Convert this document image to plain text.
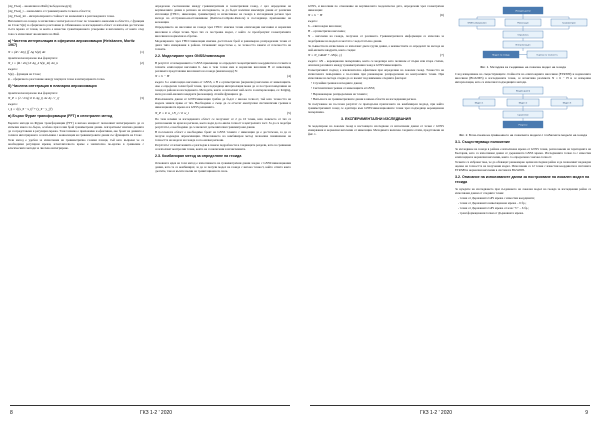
(Δg_FAA) – аномалия на Фай (свободен въздух);

(Δg_FAA)_i – аномалиите от гравиметровите точки в областта;

(Δg_FAA)_int – интерполираната стойност на аномалията в разглежданата точка.

Височината на геоида се изчислява с интеграла на Стокс по точковите аномалии в областта, с функция на Стокс S(ψ) за сферичното разстояние ψ. Обикновено за изследваната област се използва достатъчно гъста мрежа от точки, за които е известно гравитационното ускорение и височината, от които след това се изчисляват аномалиите на Фай.

а) Чистена интерполация в сферична апроксимация (Heiskanen, Moritz 1967)
N = (R / 4πγ) ∬ Δg S(ψ) dσ	(1)

практически изразено във формулата:

N_i = (R / 4πγ) Σ Δg_k S(ψ_ik) Δσ_k	(2)

където:

S(ψ) – функция на Стокс;

ψ – сферичното разстояние между текущата точка и интегрираната точка.

б) Числена интеграция в планарна апроксимация

практически изразено във формулата:

N_P = (1 / 2πγ) Σ Σ Δg_ij Δx Δy / r_ij	(3)

където:

r_ij = √((x_P − x_i)² + (y_P − y_j)²)

в) Бързи Фурие трансформации (FFT) в спектрален метод

Бързите методи на Фурие трансформации (FFT) в висока мощност позволяват интегрирането да се изпълни много по-бързо, особено при голям брой гравиметрови данни. Алгоритъмът изисква данните да са представени в регулярна мрежа. Тази техника е приложима и ефективна, ако броят на данните е голям и интегрирането се изпълнява с конволюция на гравиметровите данни със функцията на Стокс.

Този метод е удобен за изчисления на гравиметрично големи площи, тъй като въпреки че са необходими регулярни мрежи, изчислителното време е значително по-кратко в сравнение с класическите методи за числено интегриране.

определено съотношение между гравиметричния и геометричния геоид, с цел определяне на вертикалните данни в региона на изследването, за да бъдат налични максимум данни от различни източници (ГНСС, нивелация, гравиметрия) за изчисляване на геоида в изследвания регион чрез метода на отстранено-възстановяване (Remove-Compute-Restore) и последващо приложение на колокация.

Определянето на височини на геоида чрез ГНСС изисква точни елипсоидни височини и нормални височини в общи точки. Чрез тях се построява модел, с който се преобразуват геометричните височини в нормални и обратно.

Моделирането чрез ГНСС/нивелация изисква достатъчен брой и равномерно разпределени точки от двата типа измервания в района. Основният недостатък е, че точността зависи от плътността на точките.

2.2. Моделиране чрез GNSS/нивелация

В резултат от измерванията с GNSS приемници се определят геоцентричните координати на точките и техните елипсоидни височини h. Ако в тези точки има и нормални височини H от нивелация, разликата представлява височината на геоида (квазигеоида) N:

N = h − H	(4)

където h е елипсоидна височина от GNSS, а H е ортометрична (нормална) височина от нивелацията. Ако е определен голям брой точки, чрез подходяща интерполация може да се построи повърхнина на геоида в района на изследването. Методите, които се използват най-често за интерполация, са: Kriging, метод на най-малките квадрати (колокация), сплайн функции и др.

Използваните данни от GNSS/нивелация трябва да бъдат с висока точност, тъй като точността на модела зависи пряко от тях. Необходимо е също да се отчетат евентуални систематични грешки в нивелационната мрежа и в GNSS решенията.

N_P = Σ w_i N_i / Σ w_i	(5)

По тези начини за изследваната област се получават от 2 до 10 точки, като повечето от тях са разположени по края на региона, което води до по-ниска точност в централната част. За да се подобри резултатът, е необходимо да се включат допълнителни гравиметрови данни.

В посочената област е необходимо броят на GNSS точките с нивелация да е достатъчен, за да се получи надеждна апроксимация. Използването на комбиниран метод позволява повишаване на точността на модела на геоида за по-малки региони.

Резултатът от изчисленията е разгледан в повече подробности в следващите раздели, като за сравнение се използват контролни точки, които не са включени в изчисленията.

2.3. Комбиниран метод за определяне на геоида

Основната идея на този метод е използването на гравиметрични данни заедно с GNSS/нивелационни данни, като те се комбинират, за да се получи модел на геоида с висока точност, който отчита както дългите, така и късите вълни на гравитационното поле.

8	ГКЗ 1-2 ' 2020

GNSS, и височини по отношение на вертикалната геодезическа дата, определени чрез геометрична нивелация:

N = h − H	(6)

където:

h – елипсоидна височина;

H – ортометрична височина;

N – височина на геоида, получена от разликата. Гравиметричната информация се използва за подобряване на модела в местата с недостатъчно данни.

За съвместното изчисление се използват двете групи данни, а неизвестните се определят по метода на най-малките квадрати, както следва:

N = N_GRAV + ΔN(x, y)	(7)

където: ΔN – корекционна повърхнина, която се моделира като полином от първа или втора степен, описващ разликата между гравиметричния геоид и GNSS/нивелацията.

Геометричният подход е изключително ефективен при определяне на локален геоид. Точността на изчислената повърхнина е по-голяма при равномерно разпределение на контролните точки. При използване на метода следва да се вземат под внимание следните фактори:

• Случайни грешки в изходните данни;

• Систематични грешки от нивелацията и GNSS;

• Неравномерно разпределение на точките;

• Непълнота на гравиметричните данни в някои области на изследвания регион.

За получаване на по-точен резултат се препоръчва прилагането на комбиниран подход, при който гравиметричният геоид се адаптира към GNSS/нивелационните точки чрез подходяща корекционна повърхнина.

3. ЕКСПЕРИМЕНТАЛНИ ИЗСЛЕДВАНИЯ

За моделиране на локален геоид в настоящото изследване са използвани данни от точки с GNSS измервания и нормални височини от нивелация. Методиката включва следните етапи, представени на фиг. 1.

Изходни данни
GNSS измервания	Нивелация	Гравиметрия
Обработка
Интерполация
Модел на геоида	Оценка на точността
Фиг. 1. Методика за създаване на локален модел на геоида

След извършване на съществуващите стойности на елипсоидните височини (ETRS89) и нормалните височини (BGS2005) в изследваните точки, се изчислява разликата N = h − H и се извършва интерполация, като се използват подходящите методи.

Входни данни
Модел 1	Модел 2	Модел 3
Сравнение
Резултат
Фиг. 2. Блок-схема на сравнението на локалните модели с глобалните модели на геоида
3.1. Съществуващо положение

За изследване на геоида в района е използвана мрежа от GNSS точки, разположени на територията на България, като са използвани данни от държавната GNSS мрежа. Изследваните точки са с известни елипсоидни и нормални височини, които са определени с висока точност.

Точките са избрани така, че да обхващат равномерно целия изследван район и да позволяват надеждна оценка на точността на получения модел. Използвани са 12 точки с известни координати в системата ETRS89 и нормални височини в системата BGS2005.

3.2. Описание на използваните данни за построяване на локален модел на геоида

За нуждите на изследването при създаването на локален модел на геоида за изследвания район са използвани данни от следните точки:

- точки от Държавната GPS мрежа с известни координати;

- точки от Държавната нивелационна мрежа – 6 бр.;

- точки от Държавната GPS мрежа от клас "C" – 6 бр.;

- трансформационни точки от Държавната мрежа.

ГКЗ 1-2 ' 2020	9
